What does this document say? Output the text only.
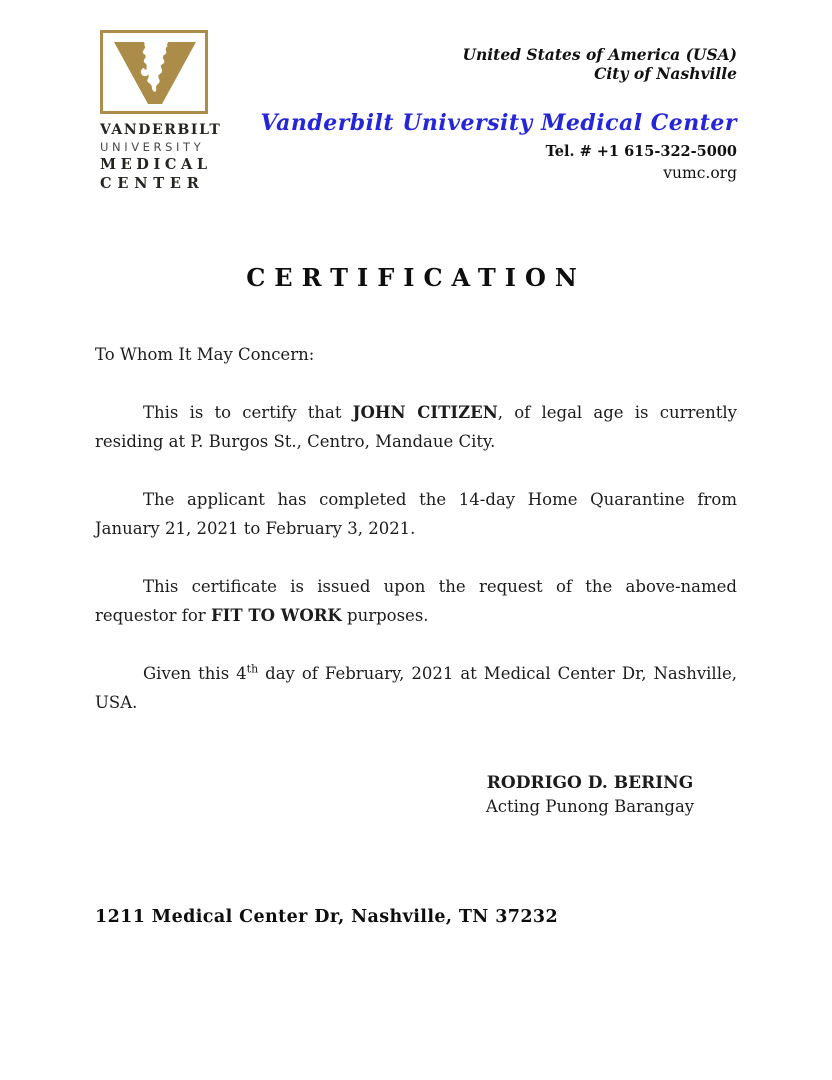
VANDERBILT
UNIVERSITY
MEDICAL
CENTER
United States of America (USA)
City of Nashville
Vanderbilt University Medical Center
Tel. # +1 615-322-5000
vumc.org
CERTIFICATION

To Whom It May Concern:

This is to certify that JOHN CITIZEN, of legal age is currently residing at P. Burgos St., Centro, Mandaue City.

The applicant has completed the 14-day Home Quarantine from January 21, 2021 to February 3, 2021.

This certificate is issued upon the request of the above-named requestor for FIT TO WORK purposes.

Given this 4th day of February, 2021 at Medical Center Dr, Nashville, USA.

RODRIGO D. BERING
Acting Punong Barangay
1211 Medical Center Dr, Nashville, TN 37232
